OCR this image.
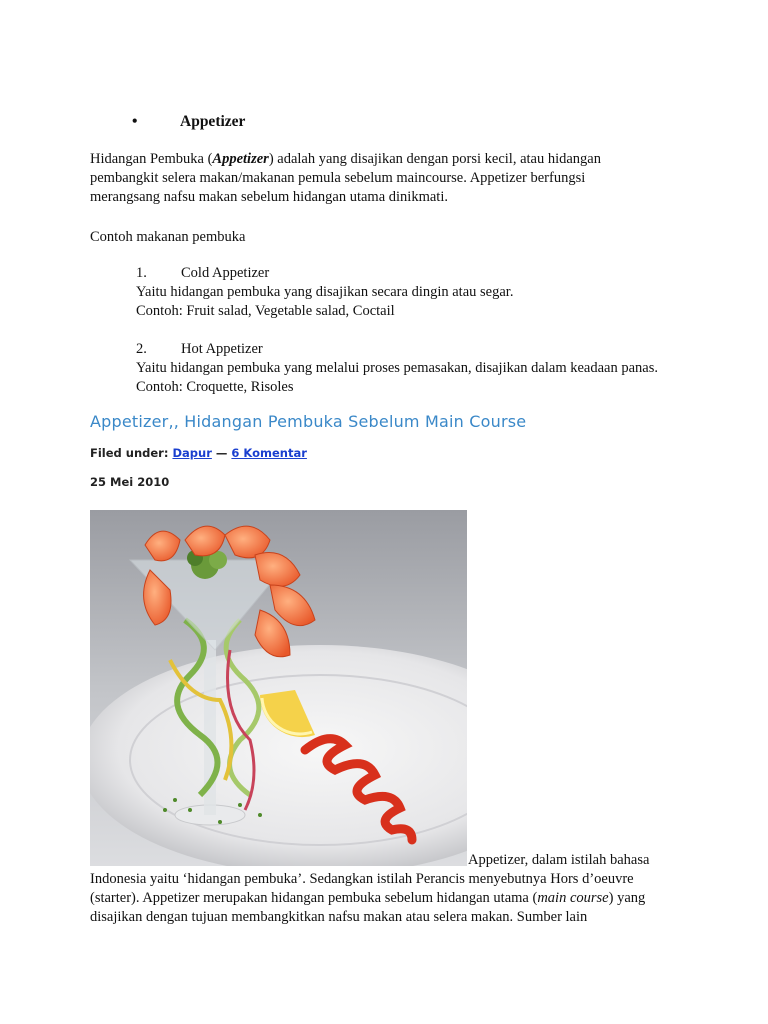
•	Appetizer
Hidangan Pembuka (Appetizer) adalah yang disajikan dengan porsi kecil, atau hidangan
pembangkit selera makan/makanan pemula sebelum maincourse. Appetizer berfungsi
merangsang nafsu makan sebelum hidangan utama dinikmati.
Contoh makanan pembuka
1. Cold Appetizer
Yaitu hidangan pembuka yang disajikan secara dingin atau segar.
Contoh: Fruit salad, Vegetable salad, Coctail
2. Hot Appetizer
Yaitu hidangan pembuka yang melalui proses pemasakan, disajikan dalam keadaan panas.
Contoh: Croquette, Risoles
Appetizer,, Hidangan Pembuka Sebelum Main Course
Filed under: Dapur — 6 Komentar
25 Mei 2010
Appetizer, dalam istilah bahasa
Indonesia yaitu ‘hidangan pembuka’. Sedangkan istilah Perancis menyebutnya Hors d’oeuvre
(starter). Appetizer merupakan hidangan pembuka sebelum hidangan utama (main course) yang
disajikan dengan tujuan membangkitkan nafsu makan atau selera makan. Sumber lain
